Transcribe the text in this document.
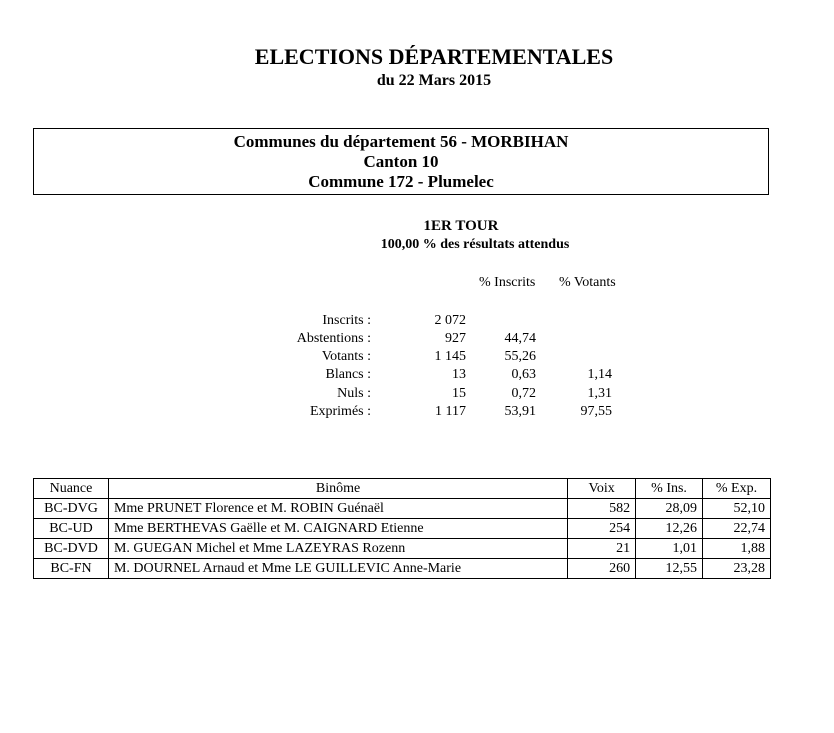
ELECTIONS DÉPARTEMENTALES
du 22 Mars 2015
Communes du département 56 - MORBIHAN
Canton 10
Commune 172 - Plumelec
1ER TOUR
100,00 % des résultats attendus
% Inscrits % Votants
Inscrits :	2 072
Abstentions :	927	44,74
Votants :	1 145	55,26
Blancs :	13	0,63	1,14
Nuls :	15	0,72	1,31
Exprimés :	1 117	53,91	97,55
Nuance	Binôme	Voix	% Ins.	% Exp.
BC-DVG	Mme PRUNET Florence et M. ROBIN Guénaël	582	28,09	52,10
BC-UD	Mme BERTHEVAS Gaëlle et M. CAIGNARD Etienne	254	12,26	22,74
BC-DVD	M. GUEGAN Michel et Mme LAZEYRAS Rozenn	21	1,01	1,88
BC-FN	M. DOURNEL Arnaud et Mme LE GUILLEVIC Anne-Marie	260	12,55	23,28
